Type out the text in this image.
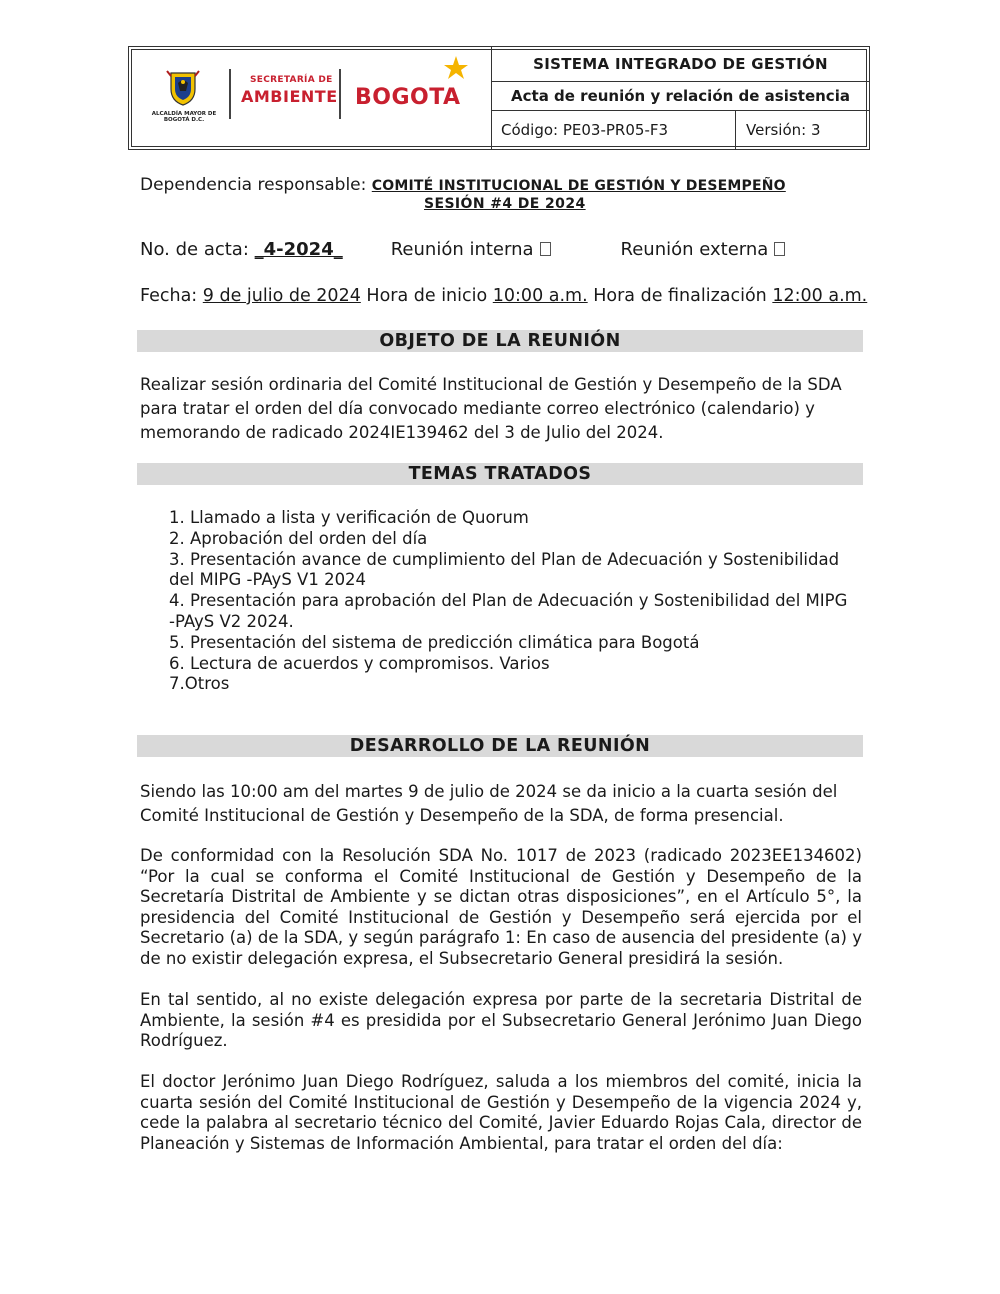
ALCALDÍA MAYOR DE BOGOTÁ D.C.
SECRETARÍA DE
AMBIENTE BOGOTA
SISTEMA INTEGRADO DE GESTIÓN
Acta de reunión y relación de asistencia
Código: PE03-PR05-F3	Versión: 3
Dependencia responsable: COMITÉ INSTITUCIONAL DE GESTIÓN Y DESEMPEÑO
SESIÓN #4 DE 2024
No. de acta: _4-2024_	Reunión interna	Reunión externa
Fecha: 9 de julio de 2024 Hora de inicio 10:00 a.m. Hora de finalización 12:00 a.m.
OBJETO DE LA REUNIÓN
Realizar sesión ordinaria del Comité Institucional de Gestión y Desempeño de la SDA para tratar el orden del día convocado mediante correo electrónico (calendario) y memorando de radicado 2024IE139462 del 3 de Julio del 2024.
TEMAS TRATADOS
1. Llamado a lista y verificación de Quorum
2. Aprobación del orden del día
3. Presentación avance de cumplimiento del Plan de Adecuación y Sostenibilidad del MIPG -PAyS V1 2024
4. Presentación para aprobación del Plan de Adecuación y Sostenibilidad del MIPG -PAyS V2 2024.
5. Presentación del sistema de predicción climática para Bogotá
6. Lectura de acuerdos y compromisos. Varios
7.Otros
DESARROLLO DE LA REUNIÓN
Siendo las 10:00 am del martes 9 de julio de 2024 se da inicio a la cuarta sesión del Comité Institucional de Gestión y Desempeño de la SDA, de forma presencial.
De conformidad con la Resolución SDA No. 1017 de 2023 (radicado 2023EE134602) “Por la cual se conforma el Comité Institucional de Gestión y Desempeño de la Secretaría Distrital de Ambiente y se dictan otras disposiciones”, en el Artículo 5°, la presidencia del Comité Institucional de Gestión y Desempeño será ejercida por el Secretario (a) de la SDA, y según parágrafo 1: En caso de ausencia del presidente (a) y de no existir delegación expresa, el Subsecretario General presidirá la sesión.
En tal sentido, al no existe delegación expresa por parte de la secretaria Distrital de Ambiente, la sesión #4 es presidida por el Subsecretario General Jerónimo Juan Diego Rodríguez.
El doctor Jerónimo Juan Diego Rodríguez, saluda a los miembros del comité, inicia la cuarta sesión del Comité Institucional de Gestión y Desempeño de la vigencia 2024 y, cede la palabra al secretario técnico del Comité, Javier Eduardo Rojas Cala, director de Planeación y Sistemas de Información Ambiental, para tratar el orden del día:
